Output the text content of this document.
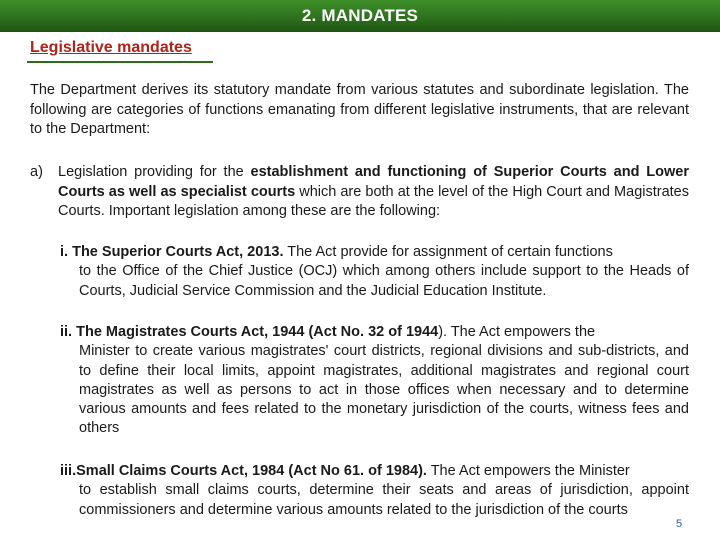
2. MANDATES
Legislative mandates

The Department derives its statutory mandate from various statutes and subordinate legislation. The following are categories of functions emanating from different legislative instruments, that are relevant to the Department:

a) Legislation providing for the establishment and functioning of Superior Courts and Lower Courts as well as specialist courts which are both at the level of the High Court and Magistrates Courts. Important legislation among these are the following:
i. The Superior Courts Act, 2013. The Act provide for assignment of certain functions
to the Office of the Chief Justice (OCJ) which among others include support to the Heads of Courts, Judicial Service Commission and the Judicial Education Institute.
ii. The Magistrates Courts Act, 1944 (Act No. 32 of 1944). The Act empowers the
Minister to create various magistrates' court districts, regional divisions and sub-districts, and to define their local limits, appoint magistrates, additional magistrates and regional court magistrates as well as persons to act in those offices when necessary and to determine various amounts and fees related to the monetary jurisdiction of the courts, witness fees and others
iii.Small Claims Courts Act, 1984 (Act No 61. of 1984). The Act empowers the Minister
to establish small claims courts, determine their seats and areas of jurisdiction, appoint commissioners and determine various amounts related to the jurisdiction of the courts
5
